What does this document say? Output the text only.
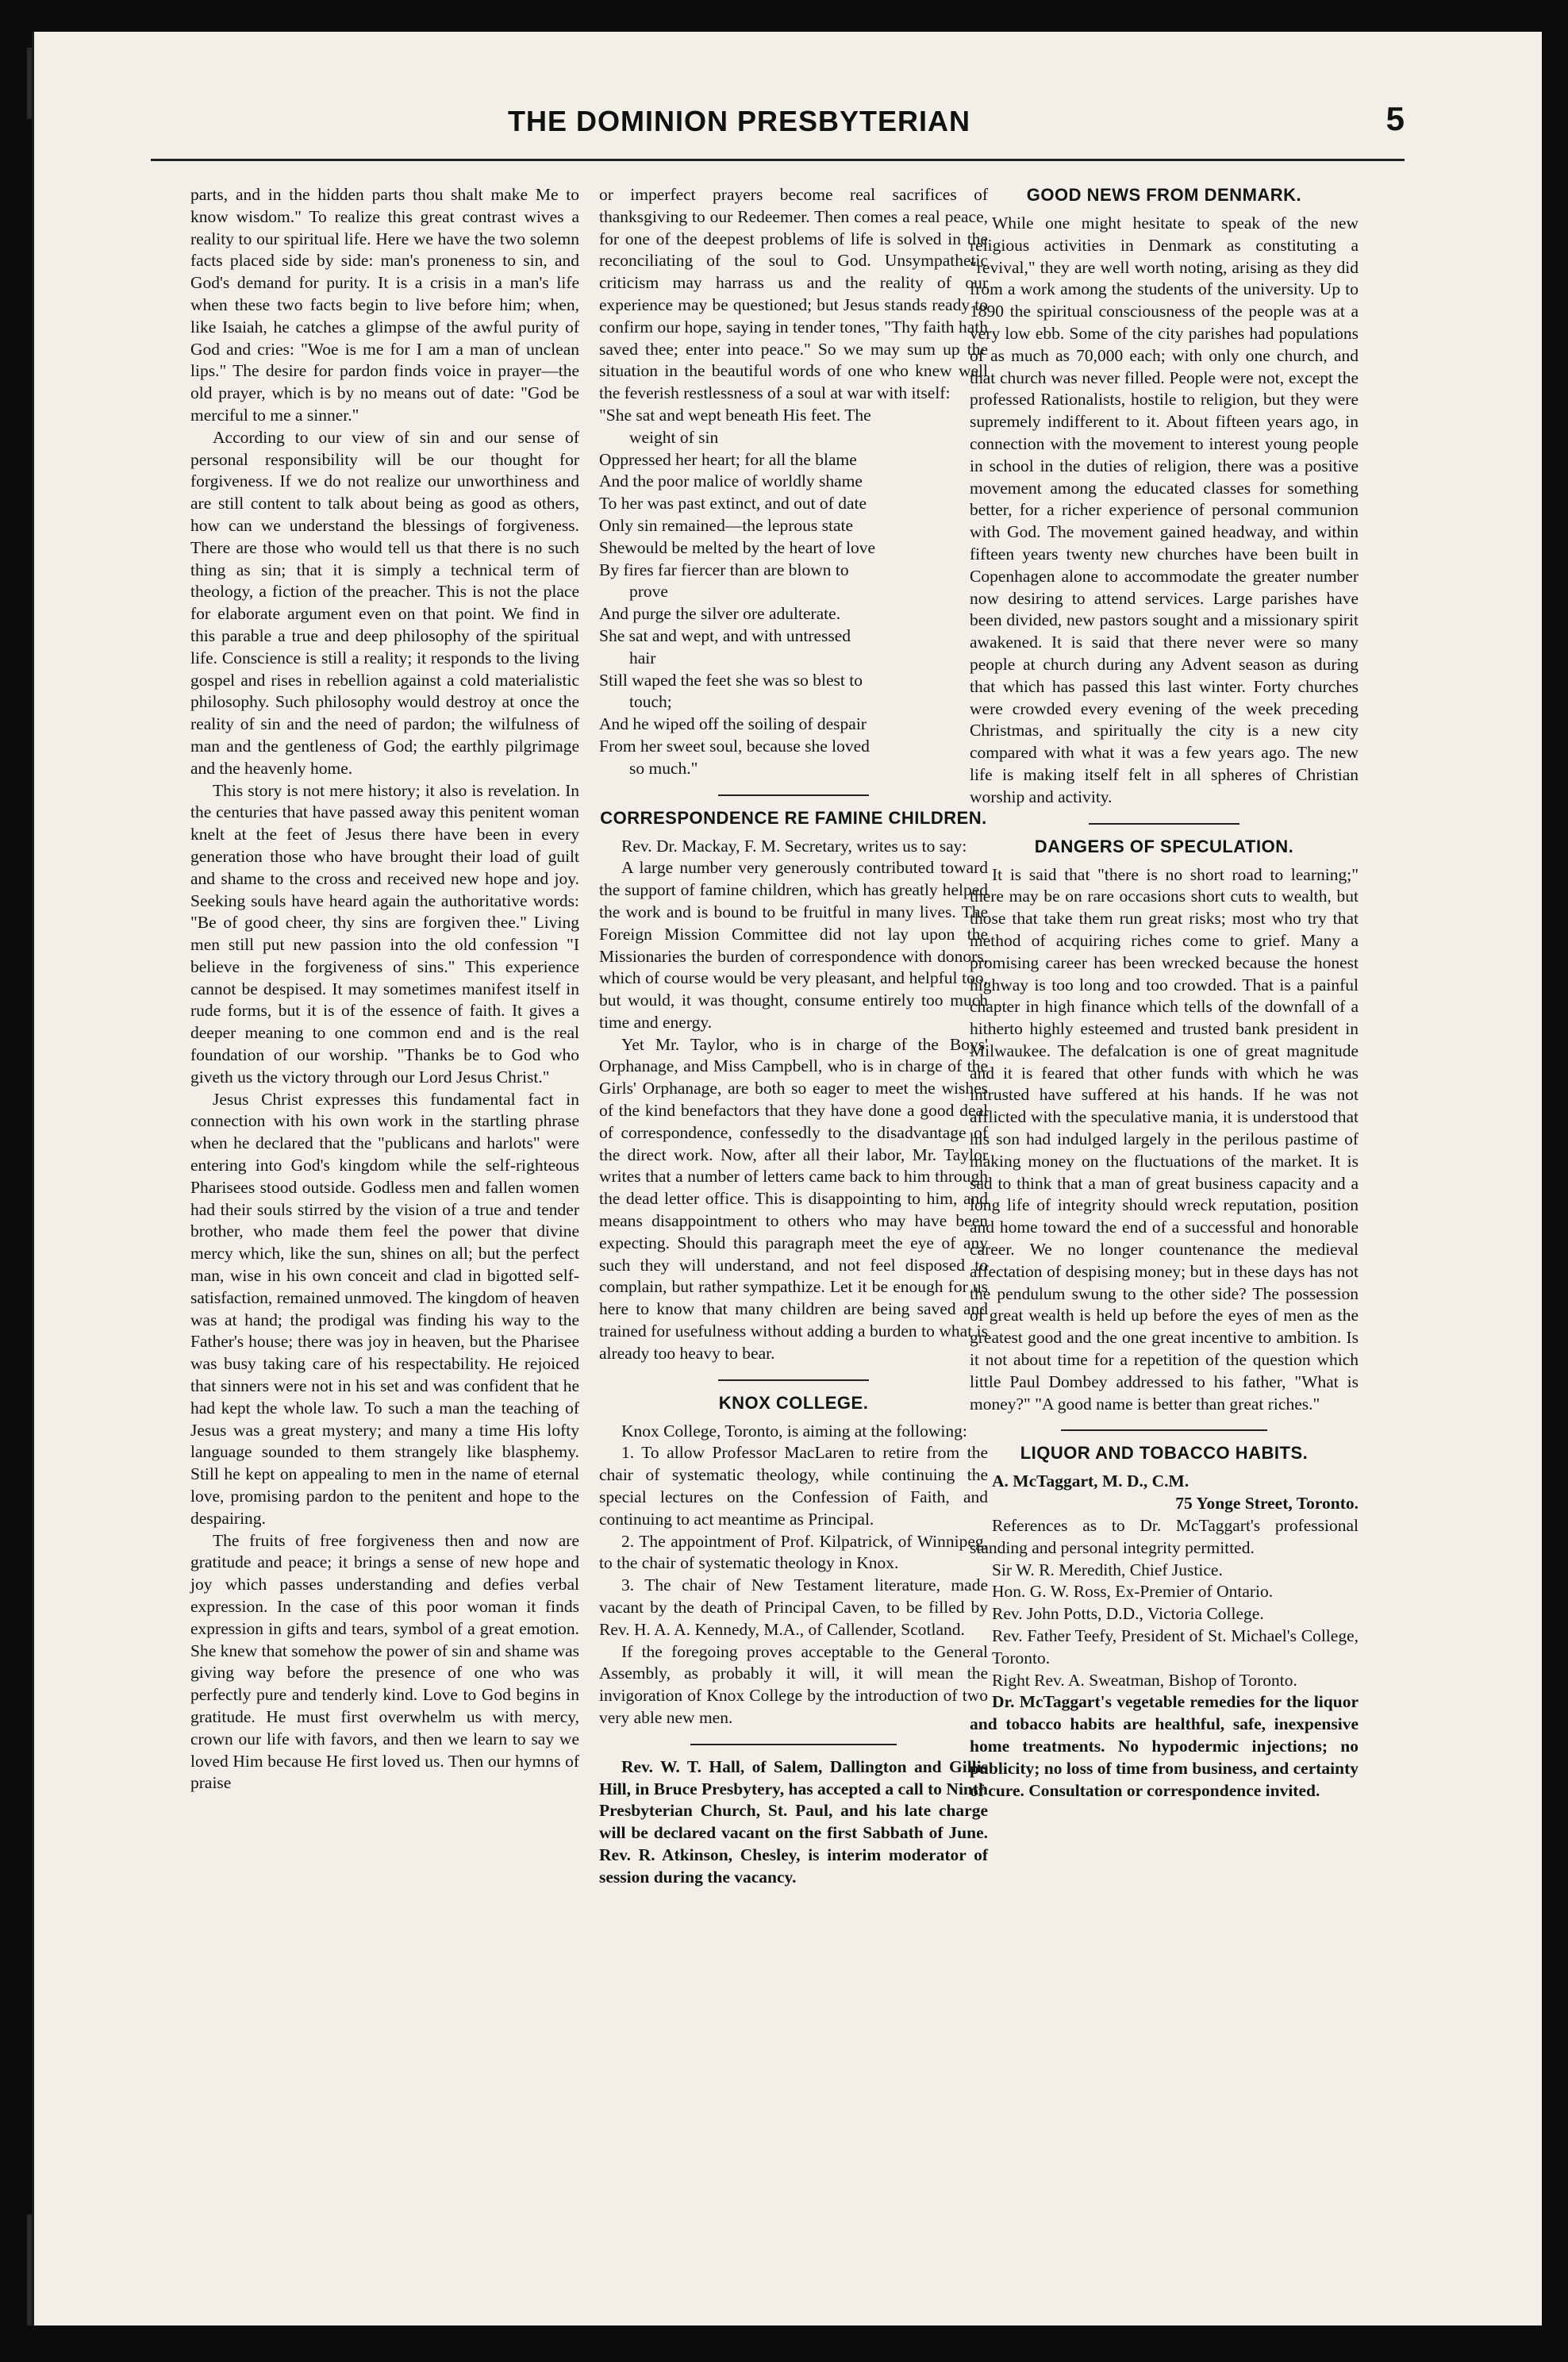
THE DOMINION PRESBYTERIAN	5

parts, and in the hidden parts thou shalt make Me to know wisdom." To realize this great contrast wives a reality to our spiritual life. Here we have the two solemn facts placed side by side: man's proneness to sin, and God's demand for purity. It is a crisis in a man's life when these two facts begin to live before him; when, like Isaiah, he catches a glimpse of the awful purity of God and cries: "Woe is me for I am a man of unclean lips." The desire for pardon finds voice in prayer—the old prayer, which is by no means out of date: "God be merciful to me a sinner."

According to our view of sin and our sense of personal responsibility will be our thought for forgiveness. If we do not realize our unworthiness and are still content to talk about being as good as others, how can we understand the blessings of forgiveness. There are those who would tell us that there is no such thing as sin; that it is simply a technical term of theology, a fiction of the preacher. This is not the place for elaborate argument even on that point. We find in this parable a true and deep philosophy of the spiritual life. Conscience is still a reality; it responds to the living gospel and rises in rebellion against a cold materialistic philosophy. Such philosophy would destroy at once the reality of sin and the need of pardon; the wilfulness of man and the gentleness of God; the earthly pilgrimage and the heavenly home.

This story is not mere history; it also is revelation. In the centuries that have passed away this penitent woman knelt at the feet of Jesus there have been in every generation those who have brought their load of guilt and shame to the cross and received new hope and joy. Seeking souls have heard again the authoritative words: "Be of good cheer, thy sins are forgiven thee." Living men still put new passion into the old confession "I believe in the forgiveness of sins." This experience cannot be despised. It may sometimes manifest itself in rude forms, but it is of the essence of faith. It gives a deeper meaning to one common end and is the real foundation of our worship. "Thanks be to God who giveth us the victory through our Lord Jesus Christ."

Jesus Christ expresses this fundamental fact in connection with his own work in the startling phrase when he declared that the "publicans and harlots" were entering into God's kingdom while the self-righteous Pharisees stood outside. Godless men and fallen women had their souls stirred by the vision of a true and tender brother, who made them feel the power that divine mercy which, like the sun, shines on all; but the perfect man, wise in his own conceit and clad in bigotted self-satisfaction, remained unmoved. The kingdom of heaven was at hand; the prodigal was finding his way to the Father's house; there was joy in heaven, but the Pharisee was busy taking care of his respectability. He rejoiced that sinners were not in his set and was confident that he had kept the whole law. To such a man the teaching of Jesus was a great mystery; and many a time His lofty language sounded to them strangely like blasphemy. Still he kept on appealing to men in the name of eternal love, promising pardon to the penitent and hope to the despairing.

The fruits of free forgiveness then and now are gratitude and peace; it brings a sense of new hope and joy which passes understanding and defies verbal expression. In the case of this poor woman it finds expression in gifts and tears, symbol of a great emotion. She knew that somehow the power of sin and shame was giving way before the presence of one who was perfectly pure and tenderly kind. Love to God begins in gratitude. He must first overwhelm us with mercy, crown our life with favors, and then we learn to say we loved Him because He first loved us. Then our hymns of praise

or imperfect prayers become real sacrifices of thanksgiving to our Redeemer. Then comes a real peace, for one of the deepest problems of life is solved in the reconciliating of the soul to God. Unsympathetic criticism may harrass us and the reality of our experience may be questioned; but Jesus stands ready to confirm our hope, saying in tender tones, "Thy faith hath saved thee; enter into peace." So we may sum up the situation in the beautiful words of one who knew well the feverish restlessness of a soul at war with itself:

"She sat and wept beneath His feet. The
weight of sin
Oppressed her heart; for all the blame
And the poor malice of worldly shame
To her was past extinct, and out of date
Only sin remained—the leprous state
Shewould be melted by the heart of love
By fires far fiercer than are blown to
prove
And purge the silver ore adulterate.
She sat and wept, and with untressed
hair
Still waped the feet she was so blest to
touch;
And he wiped off the soiling of despair
From her sweet soul, because she loved
so much."
CORRESPONDENCE RE FAMINE CHILDREN.

Rev. Dr. Mackay, F. M. Secretary, writes us to say:

A large number very generously contributed toward the support of famine children, which has greatly helped the work and is bound to be fruitful in many lives. The Foreign Mission Committee did not lay upon the Missionaries the burden of correspondence with donors, which of course would be very pleasant, and helpful too, but would, it was thought, consume entirely too much time and energy.

Yet Mr. Taylor, who is in charge of the Boys' Orphanage, and Miss Campbell, who is in charge of the Girls' Orphanage, are both so eager to meet the wishes of the kind benefactors that they have done a good deal of correspondence, confessedly to the disadvantage of the direct work. Now, after all their labor, Mr. Taylor writes that a number of letters came back to him through the dead letter office. This is disappointing to him, and means disappointment to others who may have been expecting. Should this paragraph meet the eye of any such they will understand, and not feel disposed to complain, but rather sympathize. Let it be enough for us here to know that many children are being saved and trained for usefulness without adding a burden to what is already too heavy to bear.

KNOX COLLEGE.

Knox College, Toronto, is aiming at the following:

1. To allow Professor MacLaren to retire from the chair of systematic theology, while continuing the special lectures on the Confession of Faith, and continuing to act meantime as Principal.

2. The appointment of Prof. Kilpatrick, of Winnipeg, to the chair of systematic theology in Knox.

3. The chair of New Testament literature, made vacant by the death of Principal Caven, to be filled by Rev. H. A. A. Kennedy, M.A., of Callender, Scotland.

If the foregoing proves acceptable to the General Assembly, as probably it will, it will mean the invigoration of Knox College by the introduction of two very able new men.

Rev. W. T. Hall, of Salem, Dallington and Gillis Hill, in Bruce Presbytery, has accepted a call to Ninth Presbyterian Church, St. Paul, and his late charge will be declared vacant on the first Sabbath of June. Rev. R. Atkinson, Chesley, is interim moderator of session during the vacancy.

GOOD NEWS FROM DENMARK.

While one might hesitate to speak of the new religious activities in Denmark as constituting a "revival," they are well worth noting, arising as they did from a work among the students of the university. Up to 1890 the spiritual consciousness of the people was at a very low ebb. Some of the city parishes had populations of as much as 70,000 each; with only one church, and that church was never filled. People were not, except the professed Rationalists, hostile to religion, but they were supremely indifferent to it. About fifteen years ago, in connection with the movement to interest young people in school in the duties of religion, there was a positive movement among the educated classes for something better, for a richer experience of personal communion with God. The movement gained headway, and within fifteen years twenty new churches have been built in Copenhagen alone to accommodate the greater number now desiring to attend services. Large parishes have been divided, new pastors sought and a missionary spirit awakened. It is said that there never were so many people at church during any Advent season as during that which has passed this last winter. Forty churches were crowded every evening of the week preceding Christmas, and spiritually the city is a new city compared with what it was a few years ago. The new life is making itself felt in all spheres of Christian worship and activity.

DANGERS OF SPECULATION.

It is said that "there is no short road to learning;" there may be on rare occasions short cuts to wealth, but those that take them run great risks; most who try that method of acquiring riches come to grief. Many a promising career has been wrecked because the honest highway is too long and too crowded. That is a painful chapter in high finance which tells of the downfall of a hitherto highly esteemed and trusted bank president in Milwaukee. The defalcation is one of great magnitude and it is feared that other funds with which he was intrusted have suffered at his hands. If he was not afflicted with the speculative mania, it is understood that his son had indulged largely in the perilous pastime of making money on the fluctuations of the market. It is sad to think that a man of great business capacity and a long life of integrity should wreck reputation, position and home toward the end of a successful and honorable career. We no longer countenance the medieval affectation of despising money; but in these days has not the pendulum swung to the other side? The possession of great wealth is held up before the eyes of men as the greatest good and the one great incentive to ambition. Is it not about time for a repetition of the question which little Paul Dombey addressed to his father, "What is money?" "A good name is better than great riches."

LIQUOR AND TOBACCO HABITS.

A. McTaggart, M. D., C.M.

75 Yonge Street, Toronto.

References as to Dr. McTaggart's professional standing and personal integrity permitted.

Sir W. R. Meredith, Chief Justice.

Hon. G. W. Ross, Ex-Premier of Ontario.

Rev. John Potts, D.D., Victoria College.

Rev. Father Teefy, President of St. Michael's College, Toronto.

Right Rev. A. Sweatman, Bishop of Toronto.

Dr. McTaggart's vegetable remedies for the liquor and tobacco habits are healthful, safe, inexpensive home treatments. No hypodermic injections; no publicity; no loss of time from business, and certainty of cure. Consultation or correspondence invited.
